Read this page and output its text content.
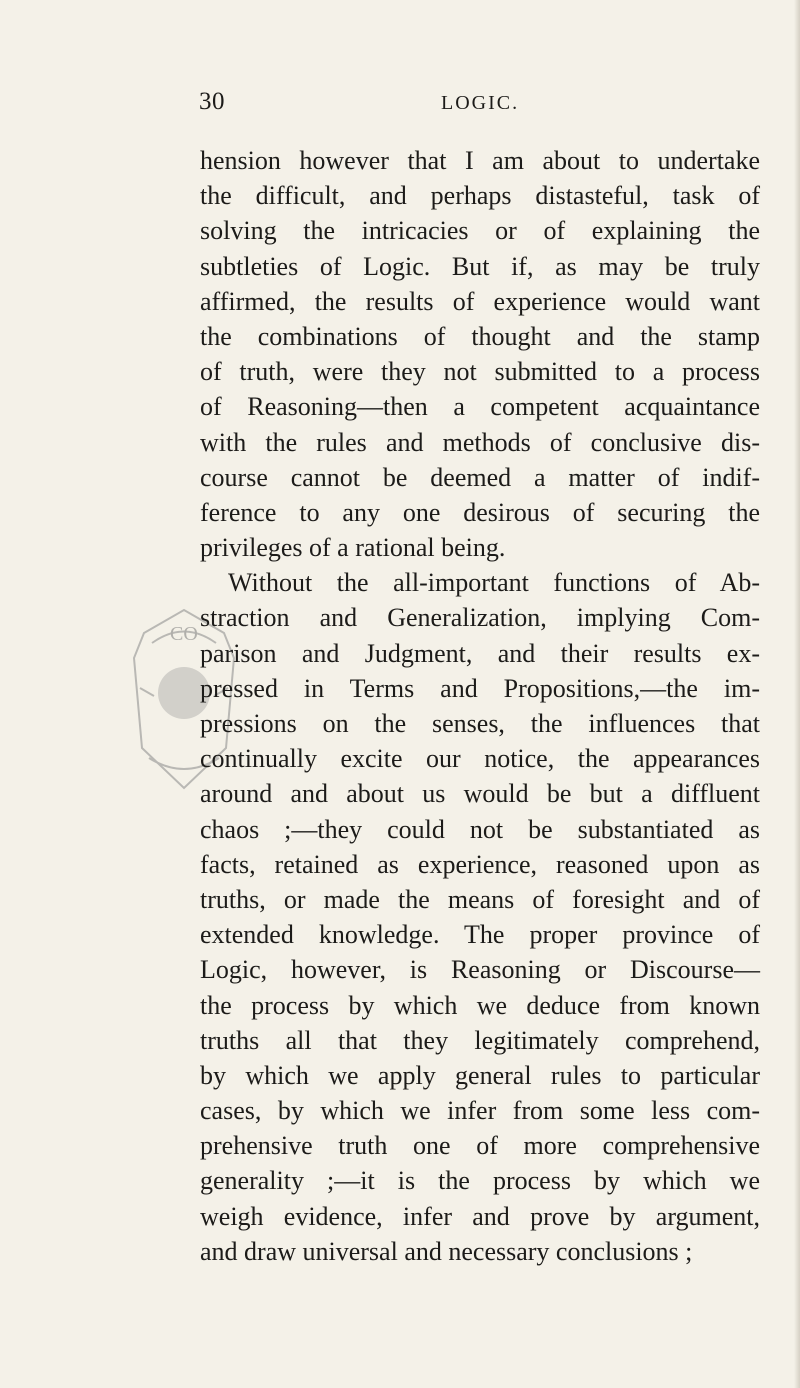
30	LOGIC.
CO
hension however that I am about to undertake
the difficult, and perhaps distasteful, task of
solving the intricacies or of explaining the
subtleties of Logic. But if, as may be truly
affirmed, the results of experience would want
the combinations of thought and the stamp
of truth, were they not submitted to a process
of Reasoning—then a competent acquaintance
with the rules and methods of conclusive dis-
course cannot be deemed a matter of indif-
ference to any one desirous of securing the
privileges of a rational being.
Without the all-important functions of Ab-
straction and Generalization, implying Com-
parison and Judgment, and their results ex-
pressed in Terms and Propositions,—the im-
pressions on the senses, the influences that
continually excite our notice, the appearances
around and about us would be but a diffluent
chaos ;—they could not be substantiated as
facts, retained as experience, reasoned upon as
truths, or made the means of foresight and of
extended knowledge. The proper province of
Logic, however, is Reasoning or Discourse—
the process by which we deduce from known
truths all that they legitimately comprehend,
by which we apply general rules to particular
cases, by which we infer from some less com-
prehensive truth one of more comprehensive
generality ;—it is the process by which we
weigh evidence, infer and prove by argument,
and draw universal and necessary conclusions ;
